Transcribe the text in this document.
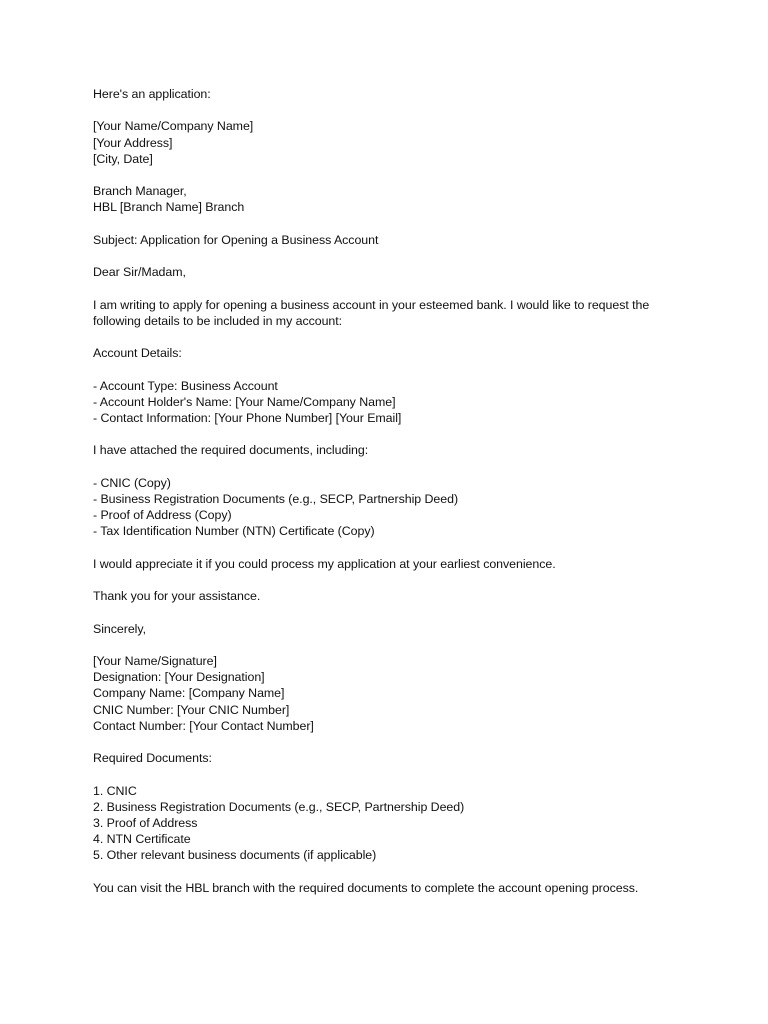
Here's an application:
[Your Name/Company Name]
[Your Address]
[City, Date]
Branch Manager,
HBL [Branch Name] Branch
Subject: Application for Opening a Business Account
Dear Sir/Madam,
I am writing to apply for opening a business account in your esteemed bank. I would like to request the following details to be included in my account:
Account Details:
- Account Type: Business Account
- Account Holder's Name: [Your Name/Company Name]
- Contact Information: [Your Phone Number] [Your Email]
I have attached the required documents, including:
- CNIC (Copy)
- Business Registration Documents (e.g., SECP, Partnership Deed)
- Proof of Address (Copy)
- Tax Identification Number (NTN) Certificate (Copy)
I would appreciate it if you could process my application at your earliest convenience.
Thank you for your assistance.
Sincerely,
[Your Name/Signature]
Designation: [Your Designation]
Company Name: [Company Name]
CNIC Number: [Your CNIC Number]
Contact Number: [Your Contact Number]
Required Documents:
1. CNIC
2. Business Registration Documents (e.g., SECP, Partnership Deed)
3. Proof of Address
4. NTN Certificate
5. Other relevant business documents (if applicable)
You can visit the HBL branch with the required documents to complete the account opening process.
